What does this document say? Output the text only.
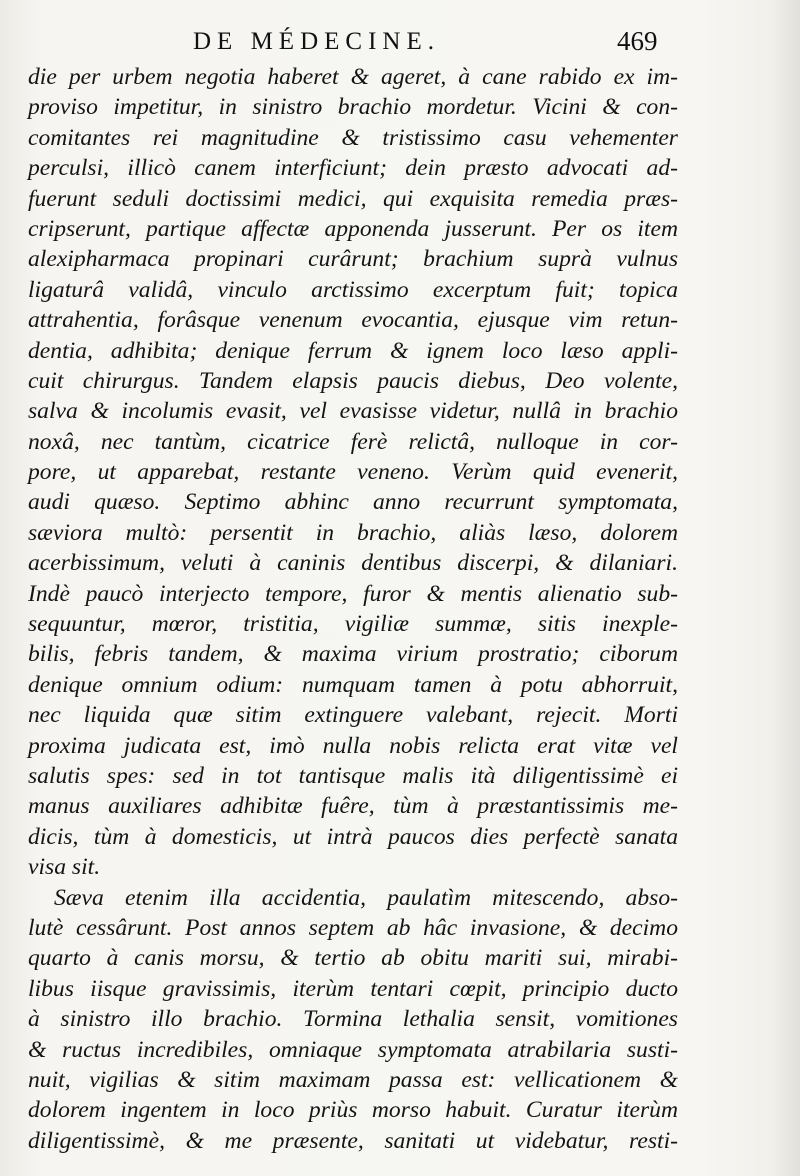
DE MÉDECINE.	469
die per urbem negotia haberet & ageret, à cane rabido ex im-
proviso impetitur, in sinistro brachio mordetur. Vicini & con-
comitantes rei magnitudine & tristissimo casu vehementer
perculsi, illicò canem interficiunt; dein præsto advocati ad-
fuerunt seduli doctissimi medici, qui exquisita remedia præs-
cripserunt, partique affectæ apponenda jusserunt. Per os item
alexipharmaca propinari curârunt; brachium suprà vulnus
ligaturâ validâ, vinculo arctissimo excerptum fuit; topica
attrahentia, forâsque venenum evocantia, ejusque vim retun-
dentia, adhibita; denique ferrum & ignem loco læso appli-
cuit chirurgus. Tandem elapsis paucis diebus, Deo volente,
salva & incolumis evasit, vel evasisse videtur, nullâ in brachio
noxâ, nec tantùm, cicatrice ferè relictâ, nulloque in cor-
pore, ut apparebat, restante veneno. Verùm quid evenerit,
audi quæso. Septimo abhinc anno recurrunt symptomata,
sæviora multò: persentit in brachio, aliàs læso, dolorem
acerbissimum, veluti à caninis dentibus discerpi, & dilaniari.
Indè paucò interjecto tempore, furor & mentis alienatio sub-
sequuntur, mœror, tristitia, vigiliæ summæ, sitis inexple-
bilis, febris tandem, & maxima virium prostratio; ciborum
denique omnium odium: numquam tamen à potu abhorruit,
nec liquida quæ sitim extinguere valebant, rejecit. Morti
proxima judicata est, imò nulla nobis relicta erat vitæ vel
salutis spes: sed in tot tantisque malis ità diligentissimè ei
manus auxiliares adhibitæ fuêre, tùm à præstantissimis me-
dicis, tùm à domesticis, ut intrà paucos dies perfectè sanata
visa sit.
Sæva etenim illa accidentia, paulatìm mitescendo, abso-
lutè cessârunt. Post annos septem ab hâc invasione, & decimo
quarto à canis morsu, & tertio ab obitu mariti sui, mirabi-
libus iisque gravissimis, iterùm tentari cœpit, principio ducto
à sinistro illo brachio. Tormina lethalia sensit, vomitiones
& ructus incredibiles, omniaque symptomata atrabilaria susti-
nuit, vigilias & sitim maximam passa est: vellicationem &
dolorem ingentem in loco priùs morso habuit. Curatur iterùm
diligentissimè, & me præsente, sanitati ut videbatur, resti-
